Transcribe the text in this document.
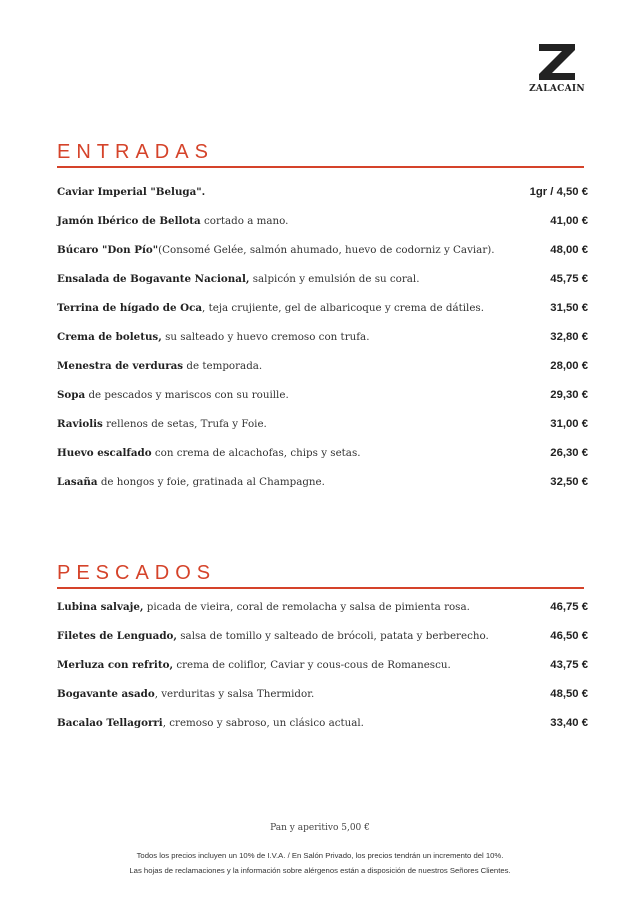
ZALACAIN
ENTRADAS
Caviar Imperial "Beluga".	1gr / 4,50 €
Jamón Ibérico de Bellota cortado a mano.	41,00 €
Búcaro "Don Pío"(Consomé Gelée, salmón ahumado, huevo de codorniz y Caviar).	48,00 €
Ensalada de Bogavante Nacional, salpicón y emulsión de su coral.	45,75 €
Terrina de hígado de Oca, teja crujiente, gel de albaricoque y crema de dátiles.	31,50 €
Crema de boletus, su salteado y huevo cremoso con trufa.	32,80 €
Menestra de verduras de temporada.	28,00 €
Sopa de pescados y mariscos con su rouille.	29,30 €
Raviolis rellenos de setas, Trufa y Foie.	31,00 €
Huevo escalfado con crema de alcachofas, chips y setas.	26,30 €
Lasaña de hongos y foie, gratinada al Champagne.	32,50 €
PESCADOS
Lubina salvaje, picada de vieira, coral de remolacha y salsa de pimienta rosa.	46,75 €
Filetes de Lenguado, salsa de tomillo y salteado de brócoli, patata y berberecho.	46,50 €
Merluza con refrito, crema de coliflor, Caviar y cous-cous de Romanescu.	43,75 €
Bogavante asado, verduritas y salsa Thermidor.	48,50 €
Bacalao Tellagorri, cremoso y sabroso, un clásico actual.	33,40 €
Pan y aperitivo 5,00 €
Todos los precios incluyen un 10% de I.V.A. / En Salón Privado, los precios tendrán un incremento del 10%.
Las hojas de reclamaciones y la información sobre alérgenos están a disposición de nuestros Señores Clientes.
